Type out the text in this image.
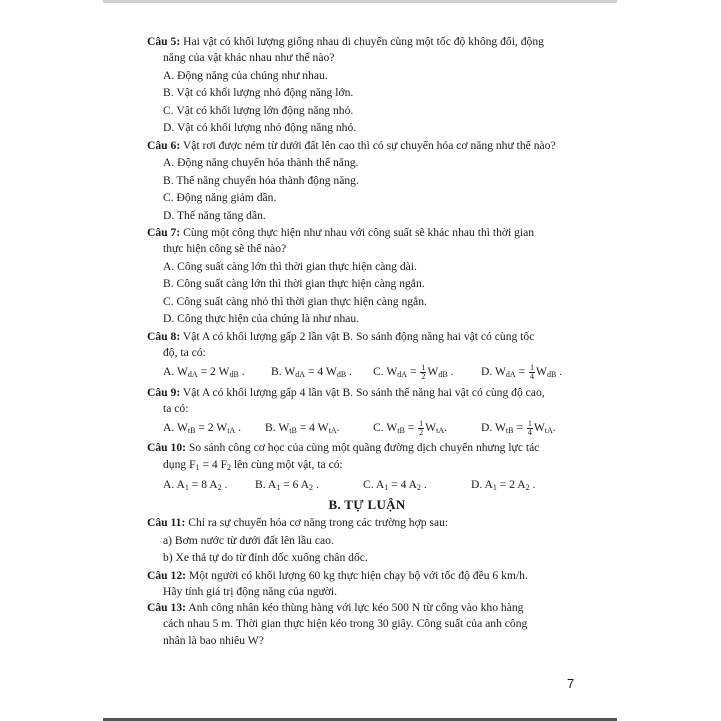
Câu 5: Hai vật có khối lượng giống nhau di chuyển cùng một tốc độ không đổi, động

năng của vật khác nhau như thế nào?

A. Động năng của chúng như nhau.

B. Vật có khối lượng nhỏ động năng lớn.

C. Vật có khối lượng lớn động năng nhỏ.

D. Vật có khối lượng nhỏ động năng nhỏ.

Câu 6: Vật rơi được ném từ dưới đất lên cao thì có sự chuyển hóa cơ năng như thế nào?

A. Động năng chuyển hóa thành thế năng.

B. Thế năng chuyển hóa thành động năng.

C. Động năng giảm dần.

D. Thế năng tăng dần.

Câu 7: Cùng một công thực hiện như nhau với công suất sẽ khác nhau thì thời gian

thực hiện công sẽ thế nào?

A. Công suất càng lớn thì thời gian thực hiện càng dài.

B. Công suất càng lớn thì thời gian thực hiện càng ngắn.

C. Công suất càng nhỏ thì thời gian thực hiện càng ngắn.

D. Công thực hiện của chúng là như nhau.

Câu 8: Vật A có khối lượng gấp 2 lần vật B. So sánh động năng hai vật có cùng tốc

độ, ta có:

A. $W_{dA} = 2$ $W_{dB}$ .	B. $W_{dA} = 4$ $W_{dB}$ .	C. $W_{dA} = \frac{1}{2} W_{dB}$ .	D. $W_{dA} = \frac{1}{4} W_{dB}$ .

Câu 9: Vật A có khối lượng gấp 4 lần vật B. So sánh thế năng hai vật có cùng độ cao,

ta có:

A. $W_{tB} = 2$ $W_{tA}$ .	B. $W_{tB} = 4$ $W_{tA}$.	C. $W_{tB} = \frac{1}{2} W_{tA}$.	D. $W_{tB} = \frac{1}{4} W_{tA}$.

Câu 10: So sánh công cơ học của cùng một quãng đường dịch chuyển nhưng lực tác

dụng $F_1 = 4$ $F_2$ lên cùng một vật, ta có:

A. $A_1 = 8$ $A_2$ .	B. $A_1 = 6$ $A_2$ .	C. $A_1 = 4$ $A_2$ .	D. $A_1 = 2$ $A_2$ .
B. TỰ LUẬN

Câu 11: Chỉ ra sự chuyển hóa cơ năng trong các trường hợp sau:

a) Bơm nước từ dưới đất lên lầu cao.

b) Xe thả tự do từ đỉnh dốc xuống chân dốc.

Câu 12: Một người có khối lượng 60 kg thực hiện chạy bộ với tốc độ đều 6 km/h.

Hãy tính giá trị động năng của người.

Câu 13: Anh công nhân kéo thùng hàng với lực kéo 500 N từ cổng vào kho hàng

cách nhau 5 m. Thời gian thực hiện kéo trong 30 giây. Công suất của anh công

nhân là bao nhiêu W?

7
